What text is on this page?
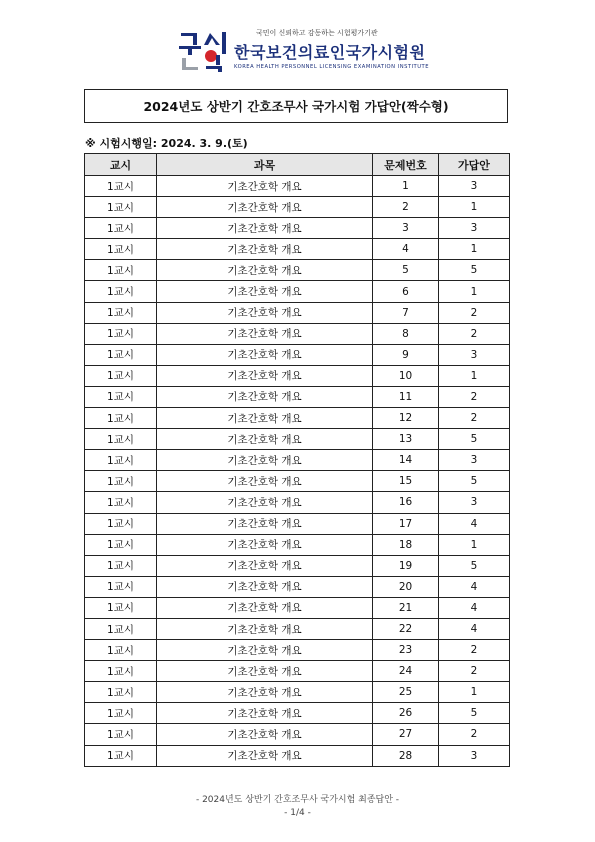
국민이 신뢰하고 감동하는 시험평가기관
한국보건의료인국가시험원
KOREA HEALTH PERSONNEL LICENSING EXAMINATION INSTITUTE
2024년도 상반기 간호조무사 국가시험 가답안(짝수형)
※ 시험시행일: 2024. 3. 9.(토)
교시	과목	문제번호	가답안
1교시	기초간호학 개요	1	3
1교시	기초간호학 개요	2	1
1교시	기초간호학 개요	3	3
1교시	기초간호학 개요	4	1
1교시	기초간호학 개요	5	5
1교시	기초간호학 개요	6	1
1교시	기초간호학 개요	7	2
1교시	기초간호학 개요	8	2
1교시	기초간호학 개요	9	3
1교시	기초간호학 개요	10	1
1교시	기초간호학 개요	11	2
1교시	기초간호학 개요	12	2
1교시	기초간호학 개요	13	5
1교시	기초간호학 개요	14	3
1교시	기초간호학 개요	15	5
1교시	기초간호학 개요	16	3
1교시	기초간호학 개요	17	4
1교시	기초간호학 개요	18	1
1교시	기초간호학 개요	19	5
1교시	기초간호학 개요	20	4
1교시	기초간호학 개요	21	4
1교시	기초간호학 개요	22	4
1교시	기초간호학 개요	23	2
1교시	기초간호학 개요	24	2
1교시	기초간호학 개요	25	1
1교시	기초간호학 개요	26	5
1교시	기초간호학 개요	27	2
1교시	기초간호학 개요	28	3
- 2024년도 상반기 간호조무사 국가시험 최종답안 -
- 1/4 -
